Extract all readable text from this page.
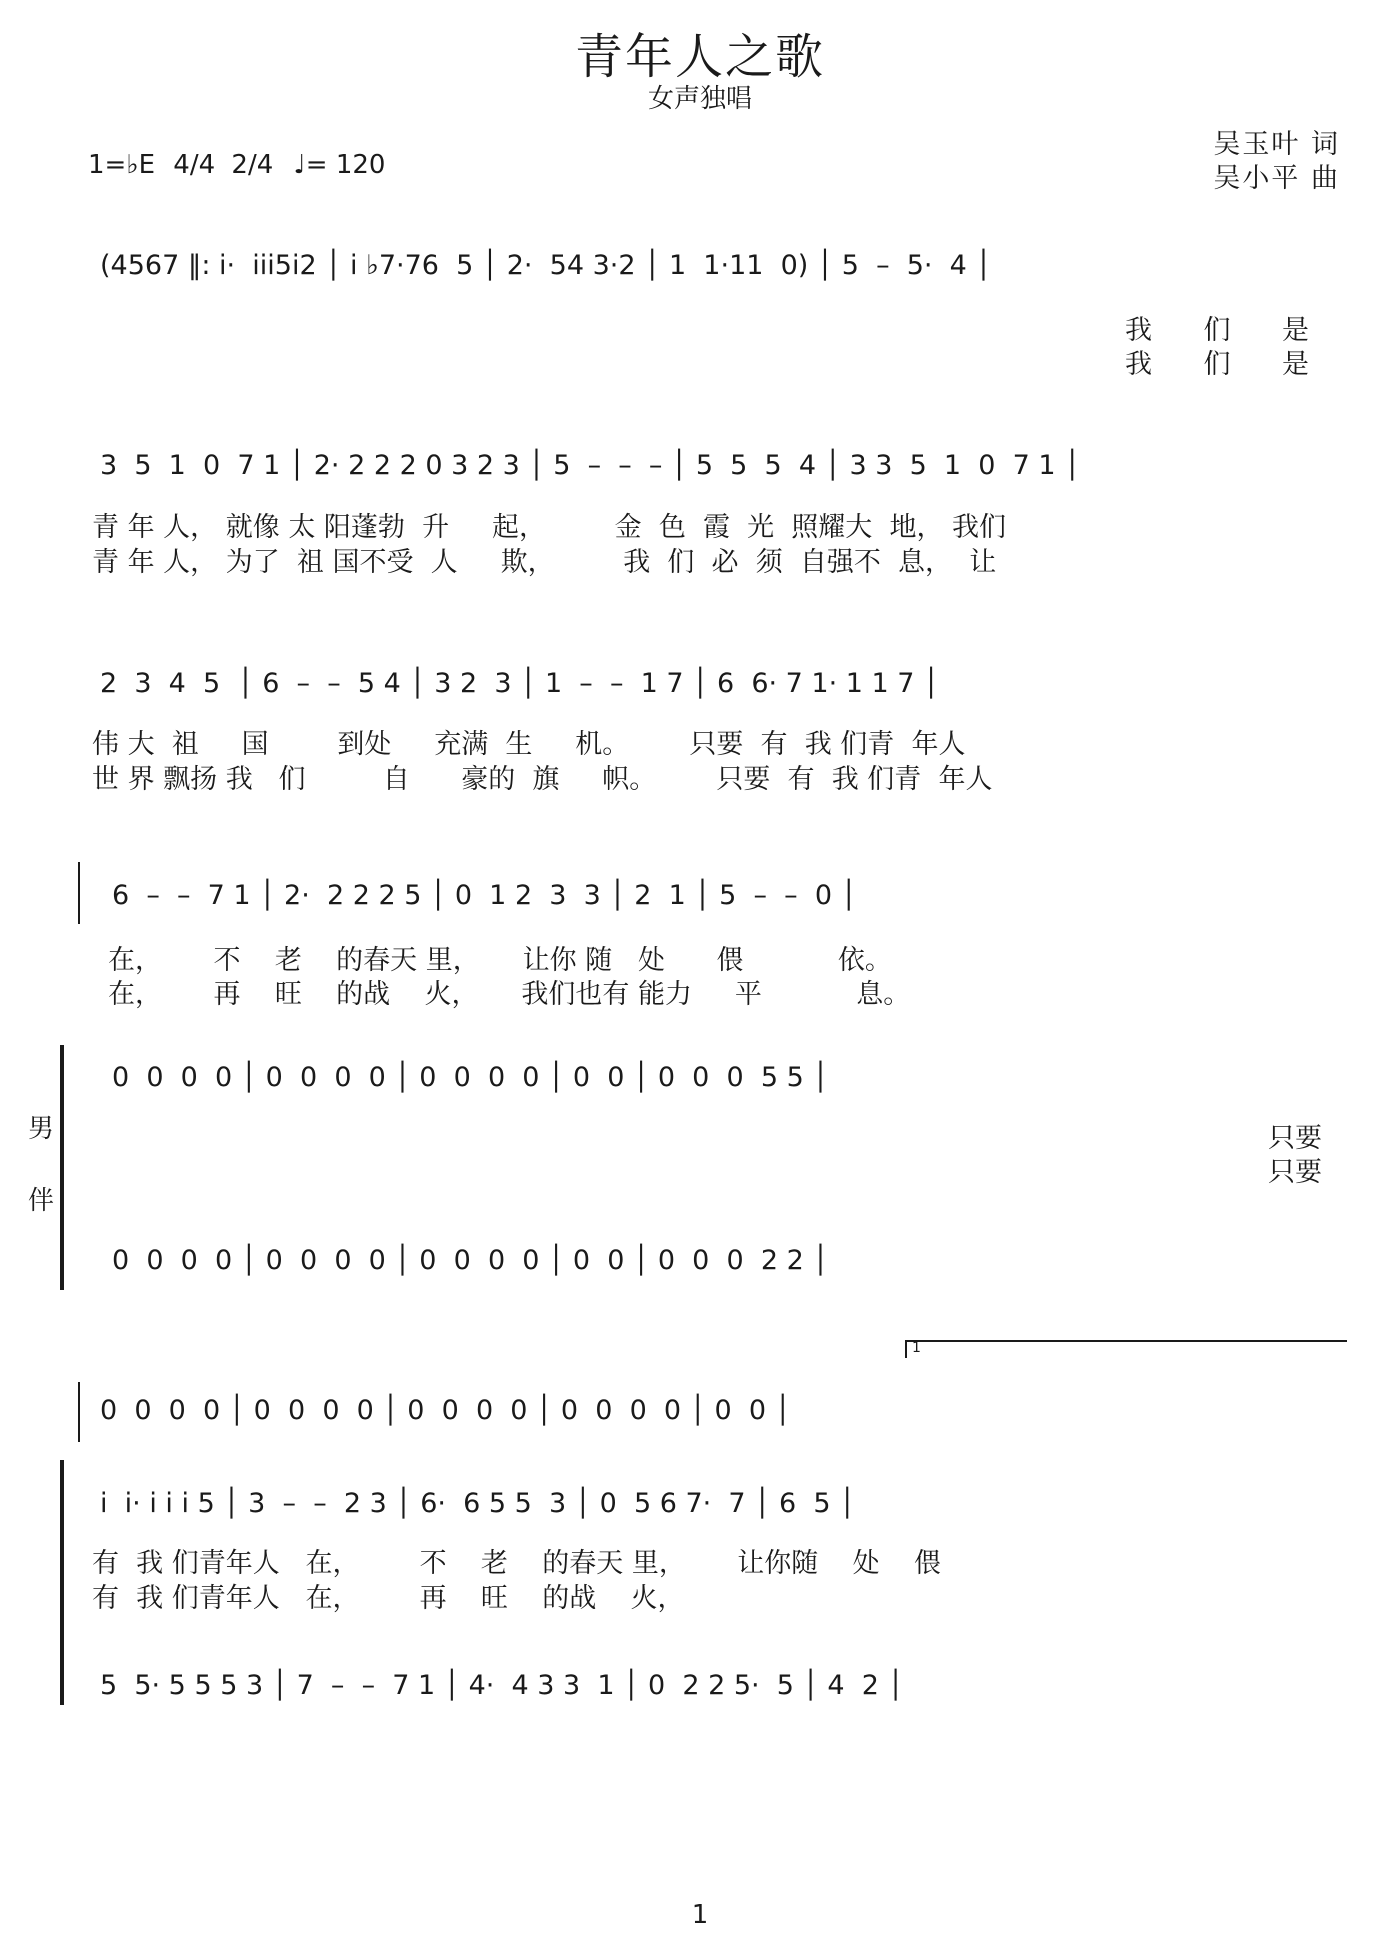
青年人之歌
女声独唱
吴玉叶 词
吴小平 曲
1=♭E 4/4 2/4 ♩= 120
(4567 ‖: i·  iii5i2 │ i ♭7·76  5 │ 2·  54 3·2 │ 1  1·11  0) │ 5  –  5·  4 │
我      们      是
我      们      是
3  5  1  0  7 1 │ 2· 2 2 2 0 3 2 3 │ 5  –  –  – │ 5  5  5  4 │ 3 3  5  1  0  7 1 │
青 年 人， 就像 太 阳蓬勃  升     起，        金  色  霞  光  照耀大  地， 我们
青 年 人， 为了  祖 国不受  人     欺，        我  们  必  须  自强不  息，  让
2  3  4  5  │ 6  –  –  5 4 │ 3 2  3 │ 1  –  –  1 7 │ 6  6· 7 1· 1 1 7 │
伟 大  祖     国        到处     充满  生     机。       只要  有  我 们青  年人
世 界 飘扬 我   们         自      豪的  旗     帜。       只要  有  我 们青  年人
6  –  –  7 1 │ 2·  2 2 2 5 │ 0  1 2  3  3 │ 2  1 │ 5  –  –  0 │
在，      不    老    的春天 里，     让你 随   处      偎           依。
在，      再    旺    的战    火，     我们也有 能力     平           息。
男
伴
0  0  0  0 │ 0  0  0  0 │ 0  0  0  0 │ 0  0 │ 0  0  0  5 5 │
只要
只要
0  0  0  0 │ 0  0  0  0 │ 0  0  0  0 │ 0  0 │ 0  0  0  2 2 │
1
0  0  0  0 │ 0  0  0  0 │ 0  0  0  0 │ 0  0  0  0 │ 0  0 │
i  i· i i i 5 │ 3  –  –  2 3 │ 6·  6 5 5  3 │ 0  5 6 7·  7 │ 6  5 │
有  我 们青年人   在，       不    老    的春天 里，      让你随    处    偎
有  我 们青年人   在，       再    旺    的战    火，
5  5· 5 5 5 3 │ 7  –  –  7 1 │ 4·  4 3 3  1 │ 0  2 2 5·  5 │ 4  2 │
1
